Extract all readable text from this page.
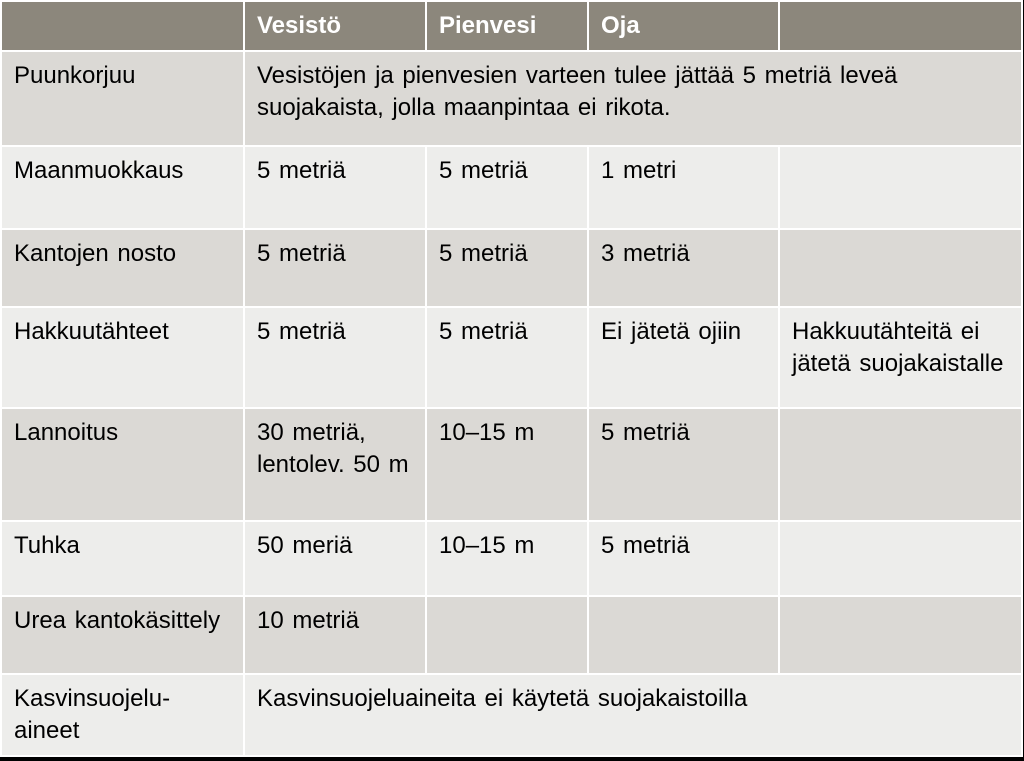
	Vesistö	Pienvesi	Oja	
Puunkorjuu	Vesistöjen ja pienvesien varteen tulee jättää 5 metriä leveä suojakaista, jolla maanpintaa ei rikota.			
Maanmuokkaus	5 metriä	5 metriä	1 metri	
Kantojen nosto	5 metriä	5 metriä	3 metriä	
Hakkuutähteet	5 metriä	5 metriä	Ei jätetä ojiin	Hakkuutähteitä ei jätetä suojakaistalle
Lannoitus	30 metriä, lentolev. 50 m	10–15 m	5 metriä	
Tuhka	50 meriä	10–15 m	5 metriä	
Urea kantokäsittely	10 metriä			
Kasvinsuojelu-aineet	Kasvinsuojeluaineita ei käytetä suojakaistoilla			
